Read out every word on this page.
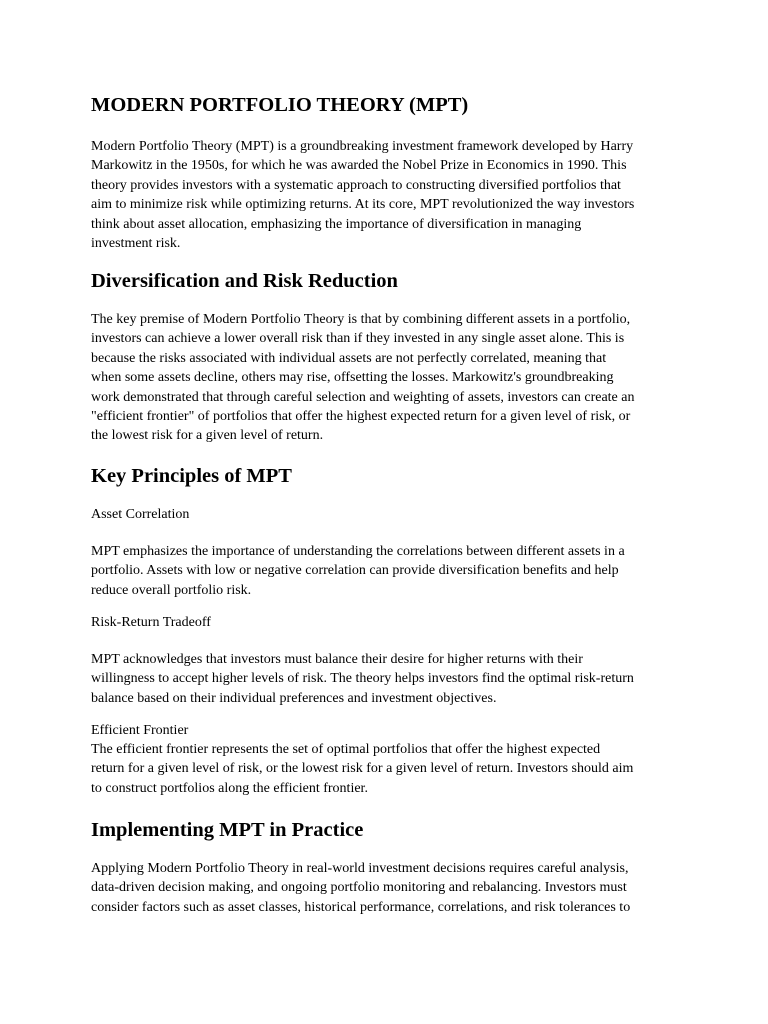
MODERN PORTFOLIO THEORY (MPT)
Modern Portfolio Theory (MPT) is a groundbreaking investment framework developed by Harry
Markowitz in the 1950s, for which he was awarded the Nobel Prize in Economics in 1990. This
theory provides investors with a systematic approach to constructing diversified portfolios that
aim to minimize risk while optimizing returns. At its core, MPT revolutionized the way investors
think about asset allocation, emphasizing the importance of diversification in managing
investment risk.
Diversification and Risk Reduction
The key premise of Modern Portfolio Theory is that by combining different assets in a portfolio,
investors can achieve a lower overall risk than if they invested in any single asset alone. This is
because the risks associated with individual assets are not perfectly correlated, meaning that
when some assets decline, others may rise, offsetting the losses. Markowitz's groundbreaking
work demonstrated that through careful selection and weighting of assets, investors can create an
"efficient frontier" of portfolios that offer the highest expected return for a given level of risk, or
the lowest risk for a given level of return.
Key Principles of MPT

Asset Correlation

MPT emphasizes the importance of understanding the correlations between different assets in a
portfolio. Assets with low or negative correlation can provide diversification benefits and help
reduce overall portfolio risk.

Risk-Return Tradeoff

MPT acknowledges that investors must balance their desire for higher returns with their
willingness to accept higher levels of risk. The theory helps investors find the optimal risk-return
balance based on their individual preferences and investment objectives.

Efficient Frontier

The efficient frontier represents the set of optimal portfolios that offer the highest expected
return for a given level of risk, or the lowest risk for a given level of return. Investors should aim
to construct portfolios along the efficient frontier.
Implementing MPT in Practice
Applying Modern Portfolio Theory in real-world investment decisions requires careful analysis,
data-driven decision making, and ongoing portfolio monitoring and rebalancing. Investors must
consider factors such as asset classes, historical performance, correlations, and risk tolerances to
